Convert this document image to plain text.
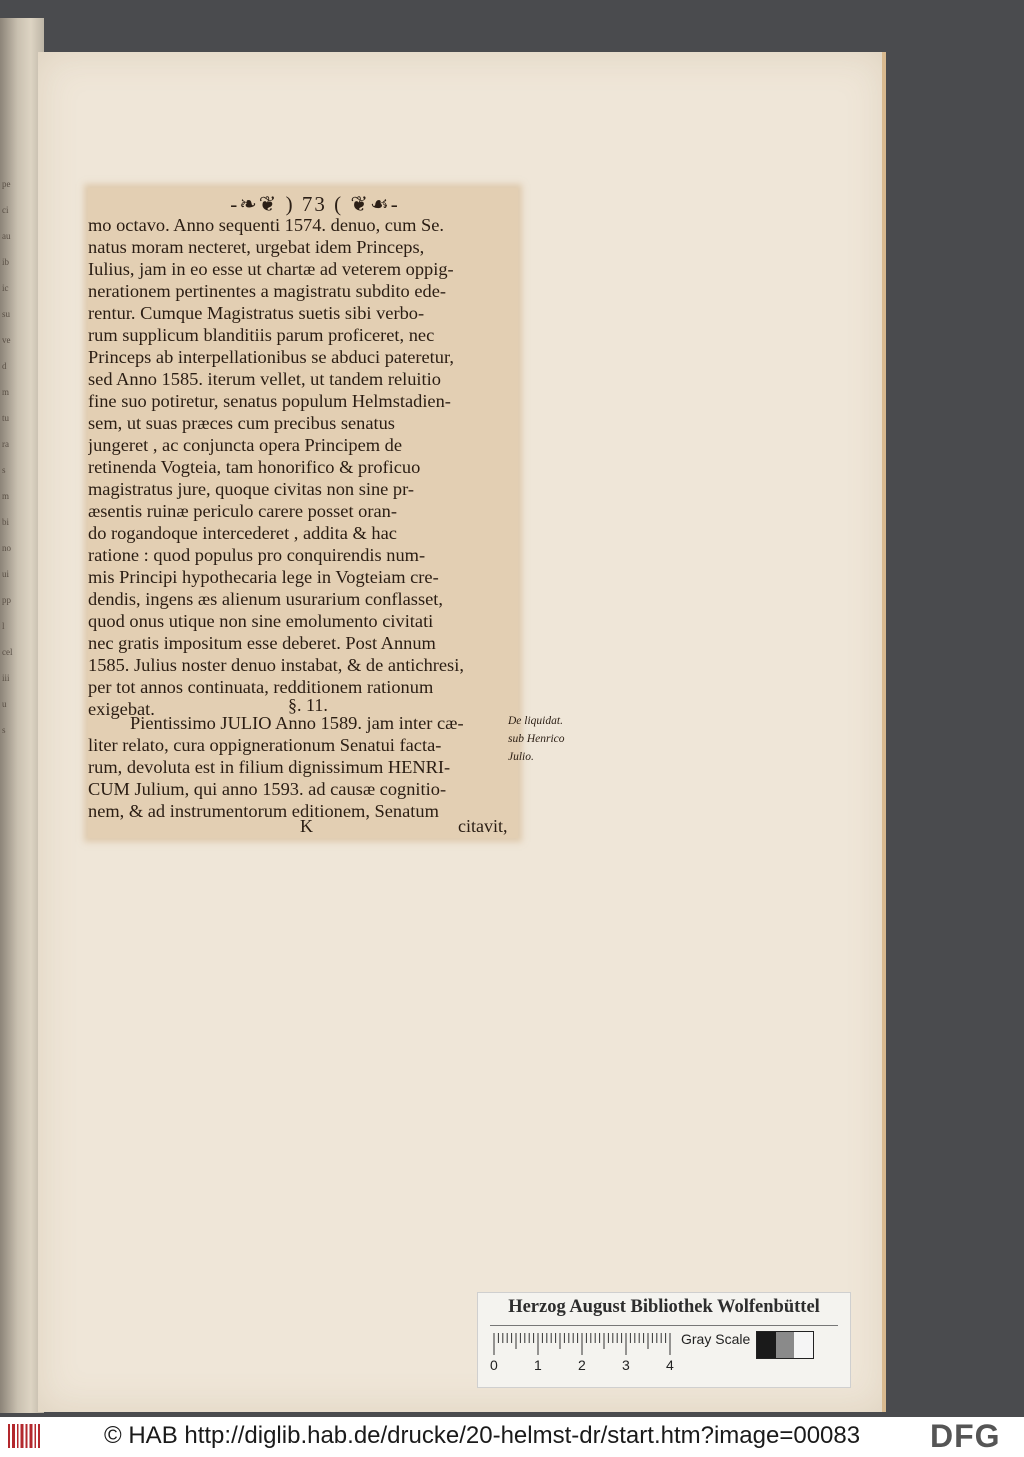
pe
ci
au
ib
ic
su
ve
d
m
tu
ra
s
m
bi
no
ui
pp
l
cel
iii
u
s
-❧❦ ) 73 ( ❦☙-
mo octavo. Anno sequenti 1574. denuo, cum Se.
natus moram necteret, urgebat idem Princeps,
Iulius, jam in eo esse ut chartæ ad veterem oppig-
nerationem pertinentes a magistratu subdito ede-
rentur. Cumque Magistratus suetis sibi verbo-
rum supplicum blanditiis parum proficeret, nec
Princeps ab interpellationibus se abduci pateretur,
sed Anno 1585. iterum vellet, ut tandem reluitio
fine suo potiretur, senatus populum Helmstadien-
sem, ut suas præces cum precibus senatus
jungeret , ac conjuncta opera Principem de
retinenda Vogteia, tam honorifico & proficuo
magistratus jure, quoque civitas non sine pr-
æsentis ruinæ periculo carere posset oran-
do rogandoque intercederet , addita & hac
ratione : quod populus pro conquirendis num-
mis Principi hypothecaria lege in Vogteiam cre-
dendis, ingens æs alienum usurarium conflasset,
quod onus utique non sine emolumento civitati
nec gratis impositum esse deberet. Post Annum
1585. Julius noster denuo instabat, & de antichresi,
per tot annos continuata, redditionem rationum
exigebat.	§. 11.
Pientissimo JULIO Anno 1589. jam inter cæ-
liter relato, cura oppignerationum Senatui facta-
rum, devoluta est in filium dignissimum HENRI-
CUM Julium, qui anno 1593. ad causæ cognitio-
nem, & ad instrumentorum editionem, Senatum
K	citavit,
De liquidat.
sub Henrico
Julio.
Herzog August Bibliothek Wolfenbüttel
0	1	2	3	4
Gray Scale
© HAB http://diglib.hab.de/drucke/20-helmst-dr/start.htm?image=00083 DFG
